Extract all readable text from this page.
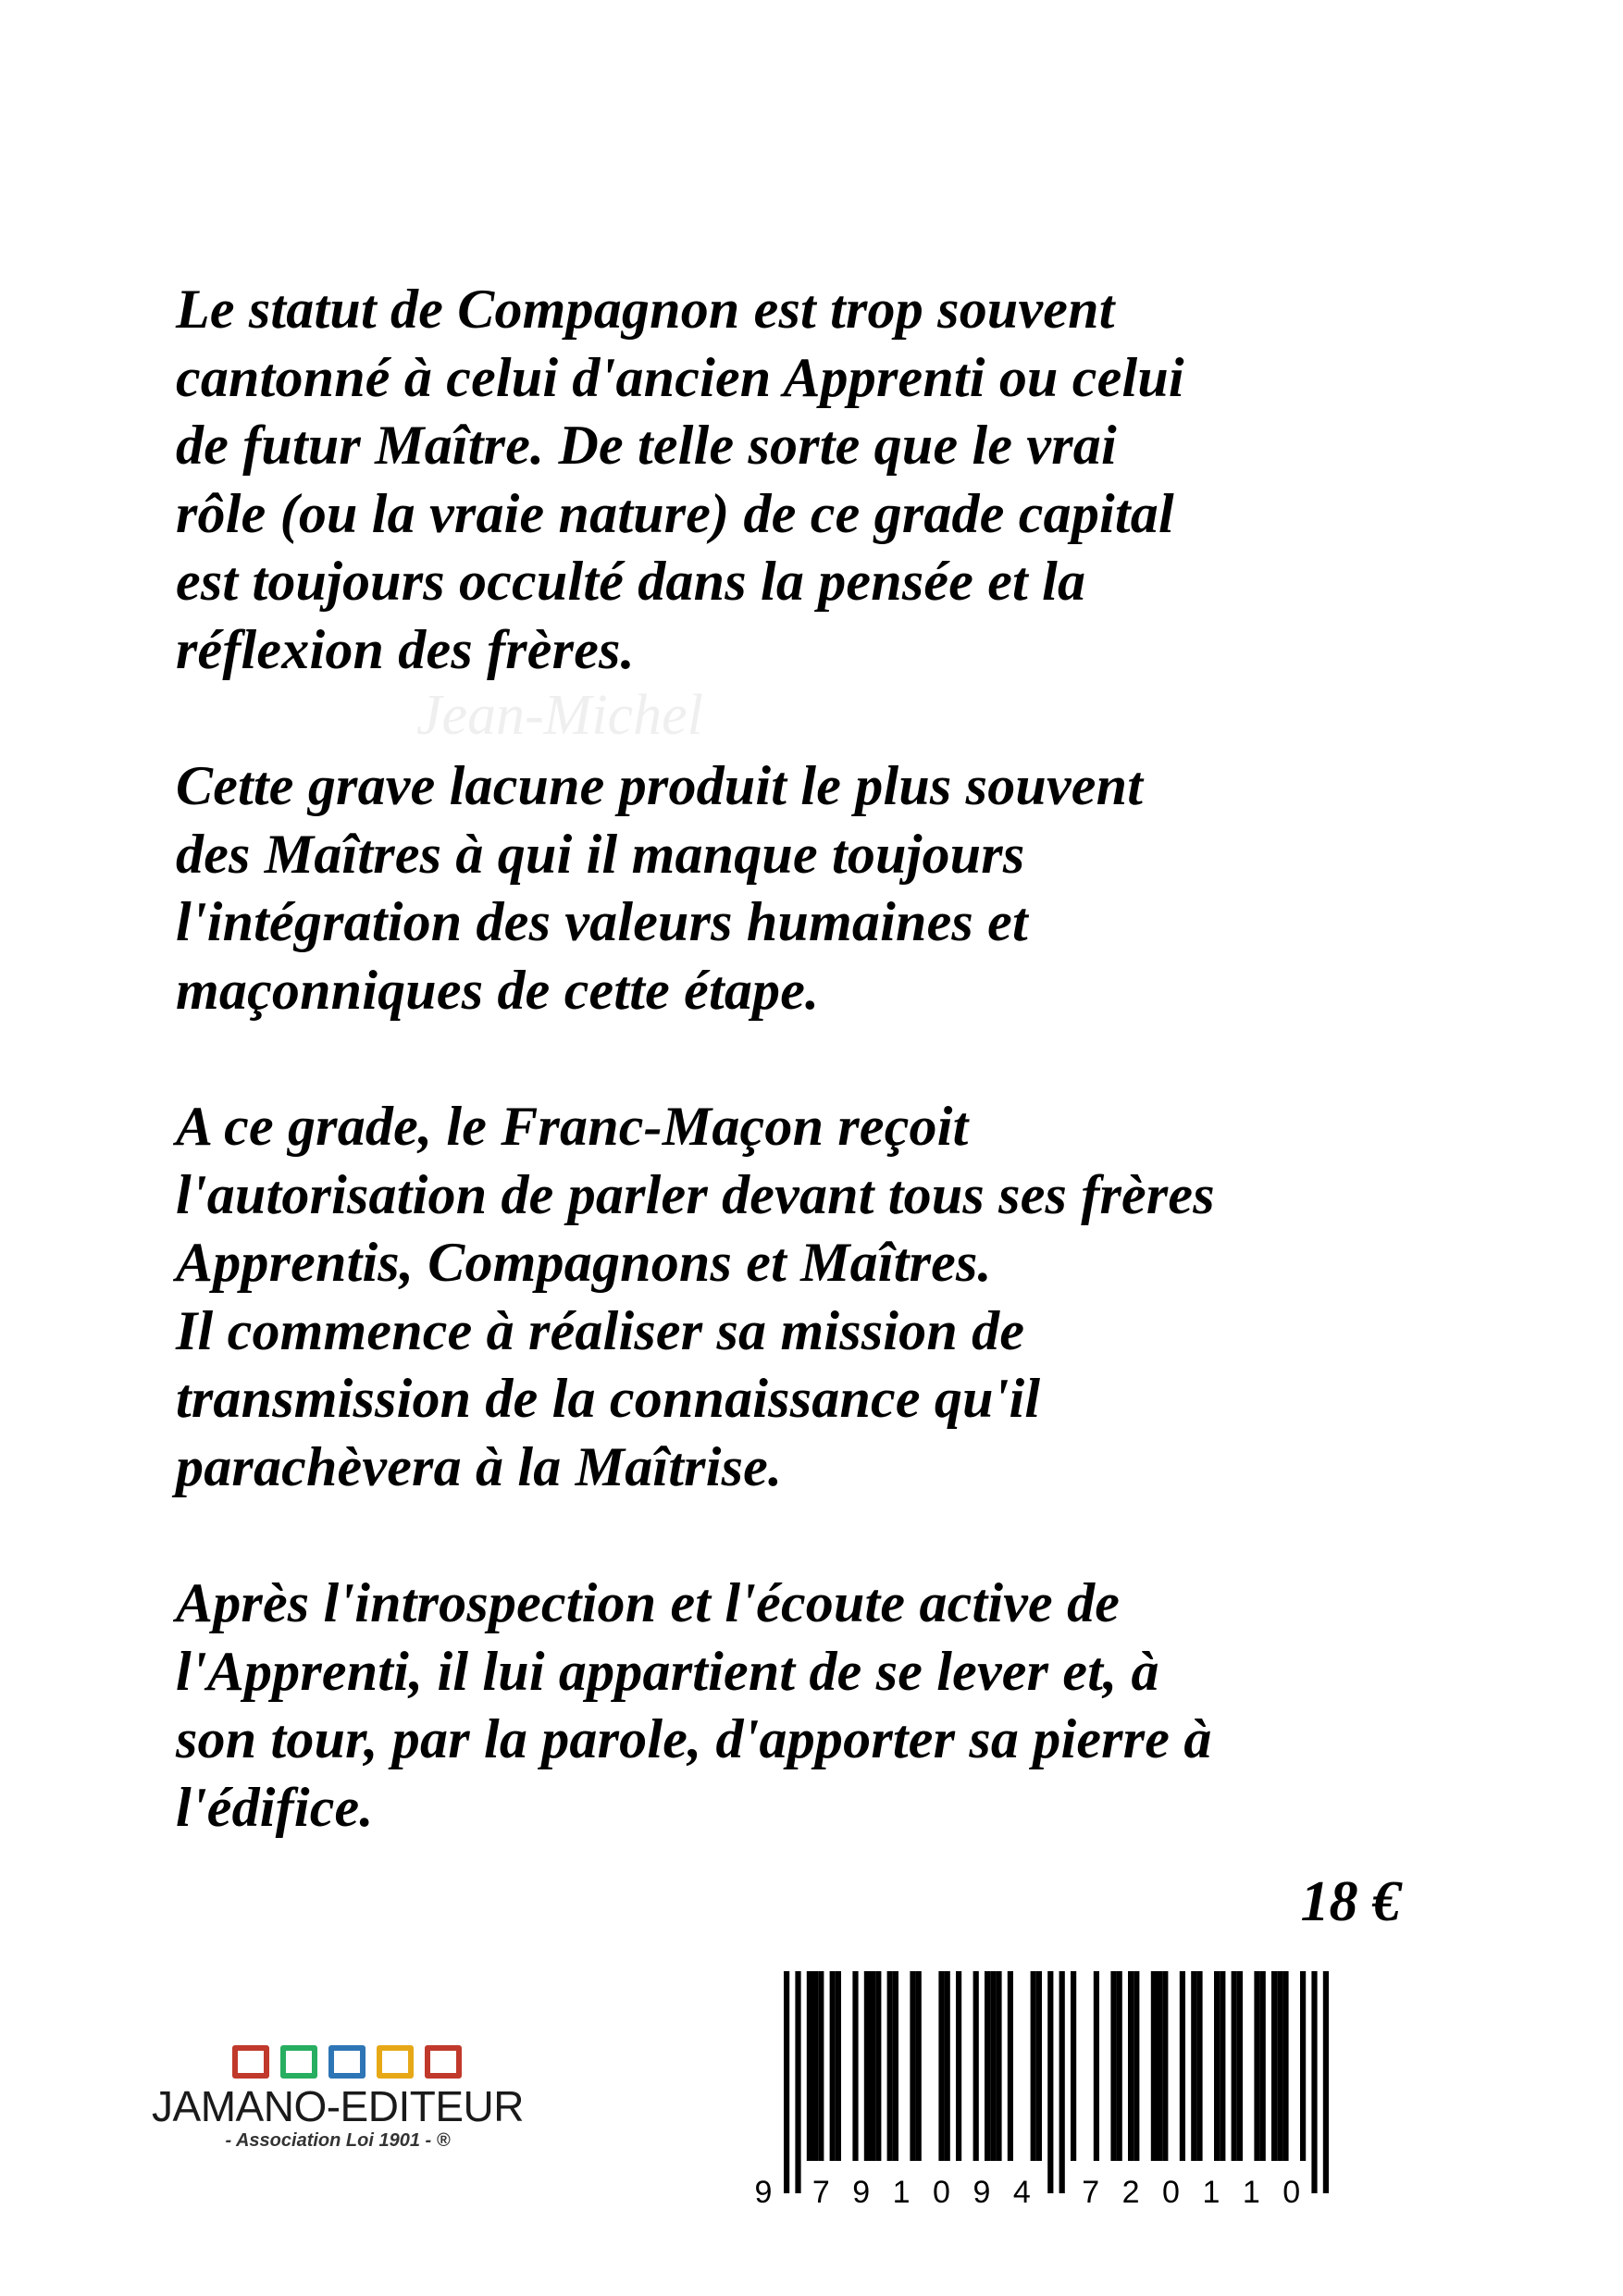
Le statut de Compagnon est trop souvent
cantonné à celui d'ancien Apprenti ou celui
de futur Maître. De telle sorte que le vrai
rôle (ou la vraie nature) de ce grade capital
est toujours occulté dans la pensée et la
réflexion des frères.

Cette grave lacune produit le plus souvent
des Maîtres à qui il manque toujours
l'intégration des valeurs humaines et
maçonniques de cette étape.

A ce grade, le Franc-Maçon reçoit
l'autorisation de parler devant tous ses frères
Apprentis, Compagnons et Maîtres.
Il commence à réaliser sa mission de
transmission de la connaissance qu'il
parachèvera à la Maîtrise.

Après l'introspection et l'écoute active de
l'Apprenti, il lui appartient de se lever et, à
son tour, par la parole, d'apporter sa pierre à
l'édifice.

Jean-Michel
18 €
9 7 9 1 0 9 4 7 2 0 1 1 0
JAMANO-EDITEUR
- Association Loi 1901 - ®
